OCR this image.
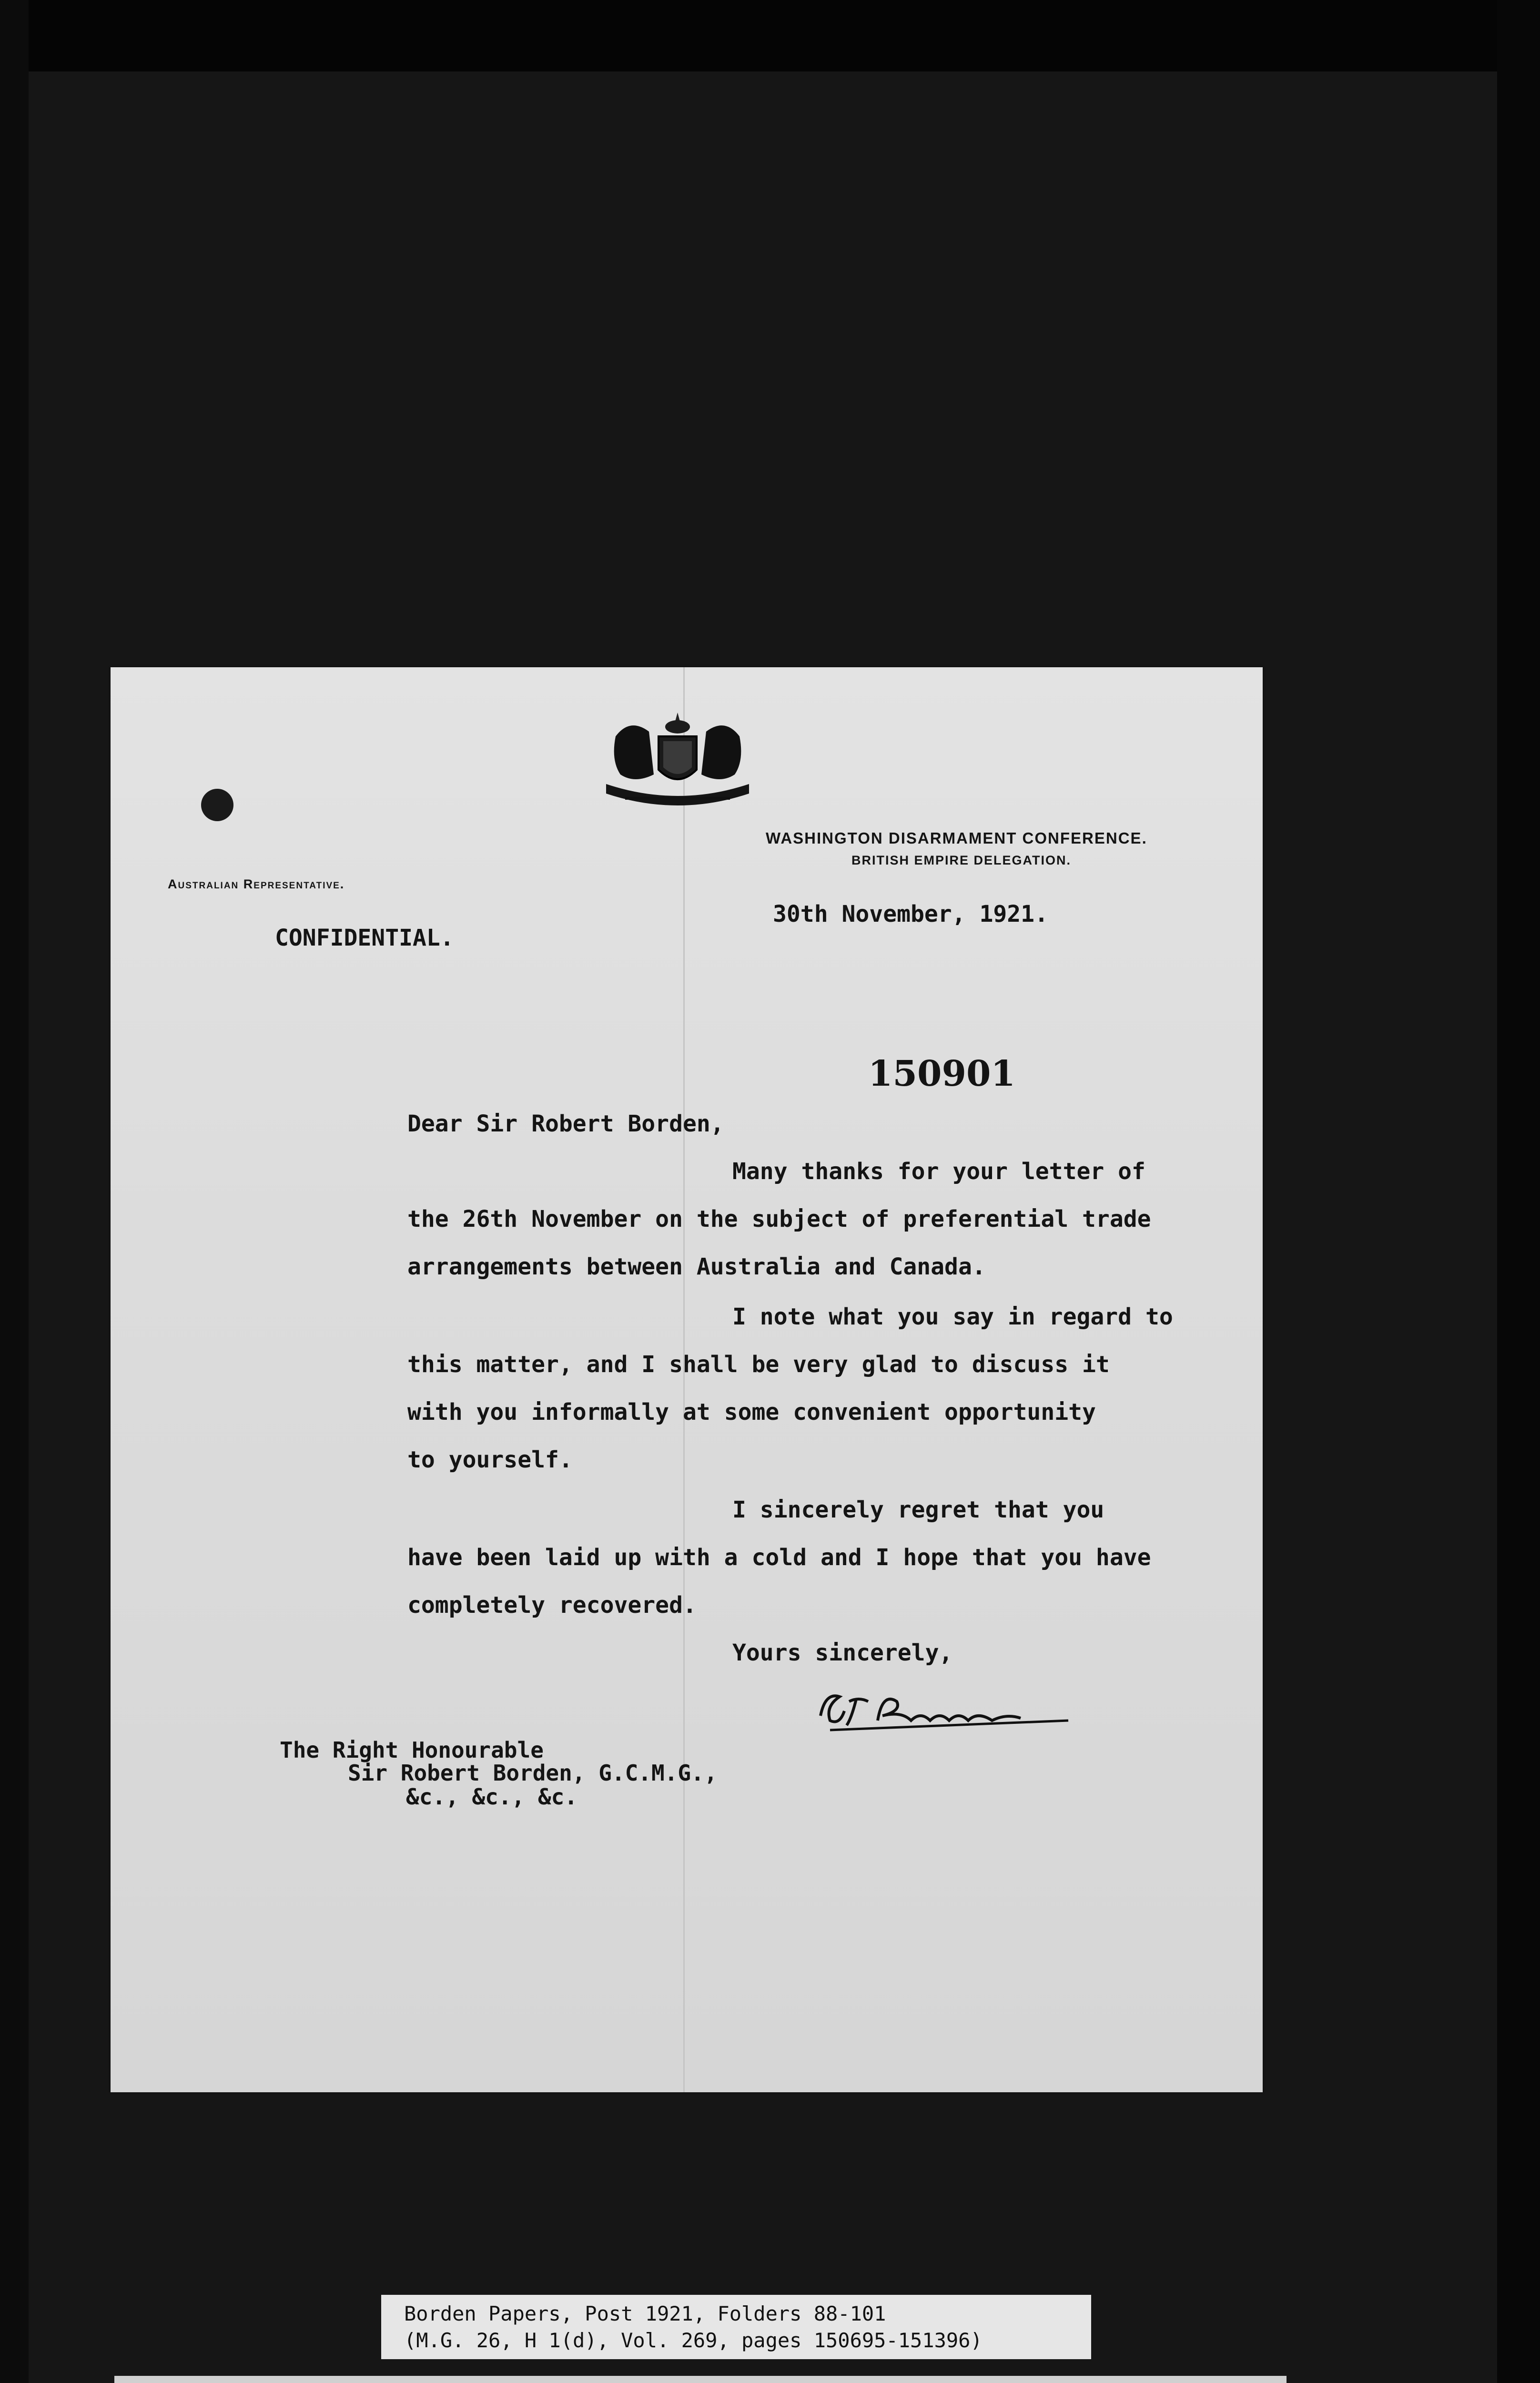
WASHINGTON DISARMAMENT CONFERENCE.
BRITISH EMPIRE DELEGATION.
Australian Representative.
30th November, 1921.
CONFIDENTIAL.
150901
Dear Sir Robert Borden,
Many thanks for your letter of
the 26th November on the subject of preferential trade
arrangements between Australia and Canada.
I note what you say in regard to
this matter, and I shall be very glad to discuss it
with you informally at some convenient opportunity
to yourself.
I sincerely regret that you
have been laid up with a cold and I hope that you have
completely recovered.
Yours sincerely,
The Right Honourable
Sir Robert Borden, G.C.M.G.,
&c., &c., &c.
Borden Papers, Post 1921, Folders 88-101
(M.G. 26, H 1(d), Vol. 269, pages 150695-151396)
